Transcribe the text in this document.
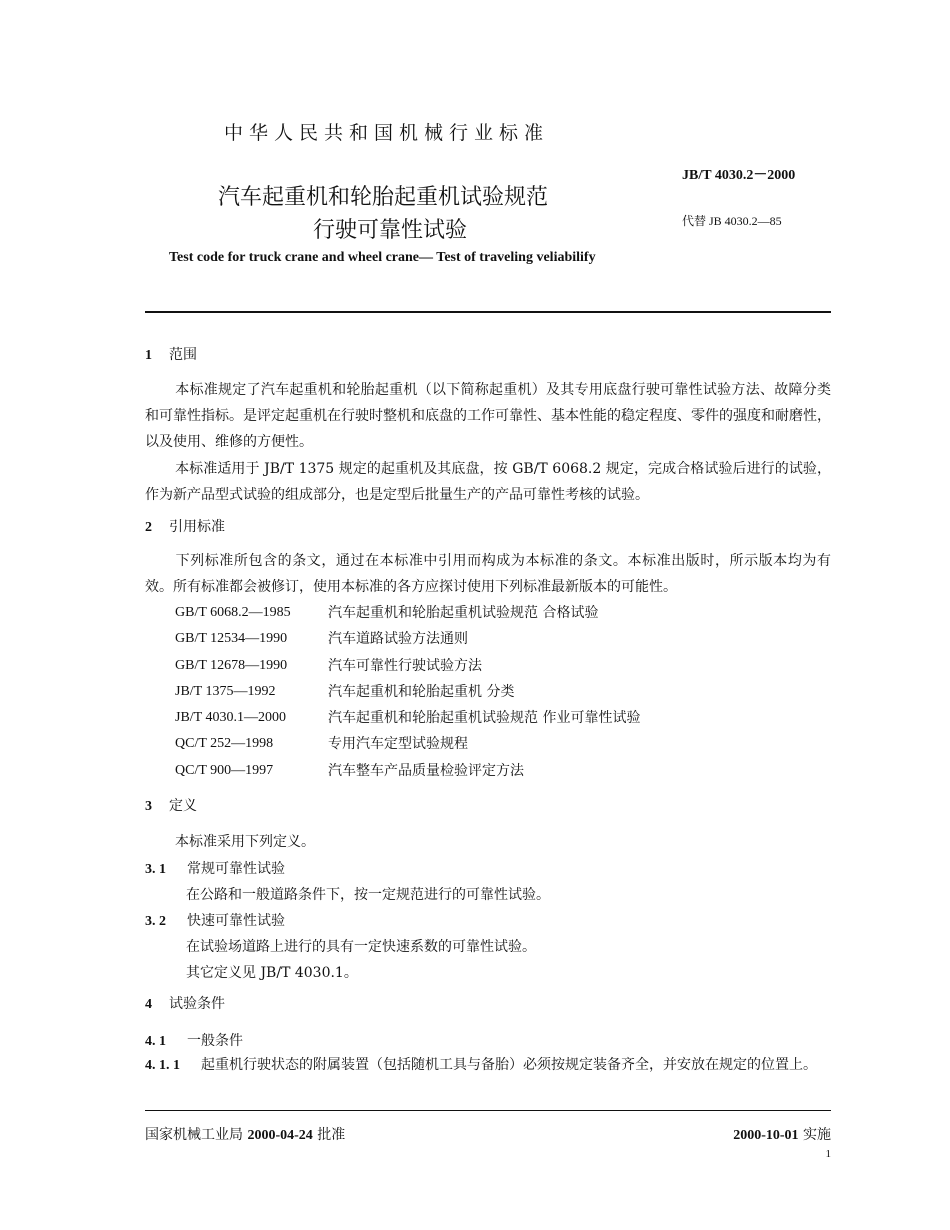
中华人民共和国机械行业标准
汽车起重机和轮胎起重机试验规范
行驶可靠性试验
JB/T 4030.2－2000
代替 JB 4030.2—85
Test code for truck crane and wheel crane— Test of traveling veliabilify
1 范围
本标准规定了汽车起重机和轮胎起重机（以下简称起重机）及其专用底盘行驶可靠性试验方法、故障分类和可靠性指标。是评定起重机在行驶时整机和底盘的工作可靠性、基本性能的稳定程度、零件的强度和耐磨性，以及使用、维修的方便性。
本标准适用于 JB/T 1375 规定的起重机及其底盘，按 GB/T 6068.2 规定，完成合格试验后进行的试验，作为新产品型式试验的组成部分，也是定型后批量生产的产品可靠性考核的试验。
2 引用标准
下列标准所包含的条文，通过在本标准中引用而构成为本标准的条文。本标准出版时，所示版本均为有效。所有标准都会被修订，使用本标准的各方应探讨使用下列标准最新版本的可能性。
GB/T 6068.2—1985	汽车起重机和轮胎起重机试验规范 合格试验
GB/T 12534—1990	汽车道路试验方法通则
GB/T 12678—1990	汽车可靠性行驶试验方法
JB/T 1375—1992	汽车起重机和轮胎起重机 分类
JB/T 4030.1—2000	汽车起重机和轮胎起重机试验规范 作业可靠性试验
QC/T 252—1998	专用汽车定型试验规程
QC/T 900—1997	汽车整车产品质量检验评定方法
3 定义
本标准采用下列定义。
3. 1 常规可靠性试验
在公路和一般道路条件下，按一定规范进行的可靠性试验。
3. 2 快速可靠性试验
在试验场道路上进行的具有一定快速系数的可靠性试验。
其它定义见 JB/T 4030.1。
4 试验条件
4. 1 一般条件
4. 1. 1 起重机行驶状态的附属装置（包括随机工具与备胎）必须按规定装备齐全，并安放在规定的位置上。
国家机械工业局 2000-04-24 批准	2000-10-01 实施
1
